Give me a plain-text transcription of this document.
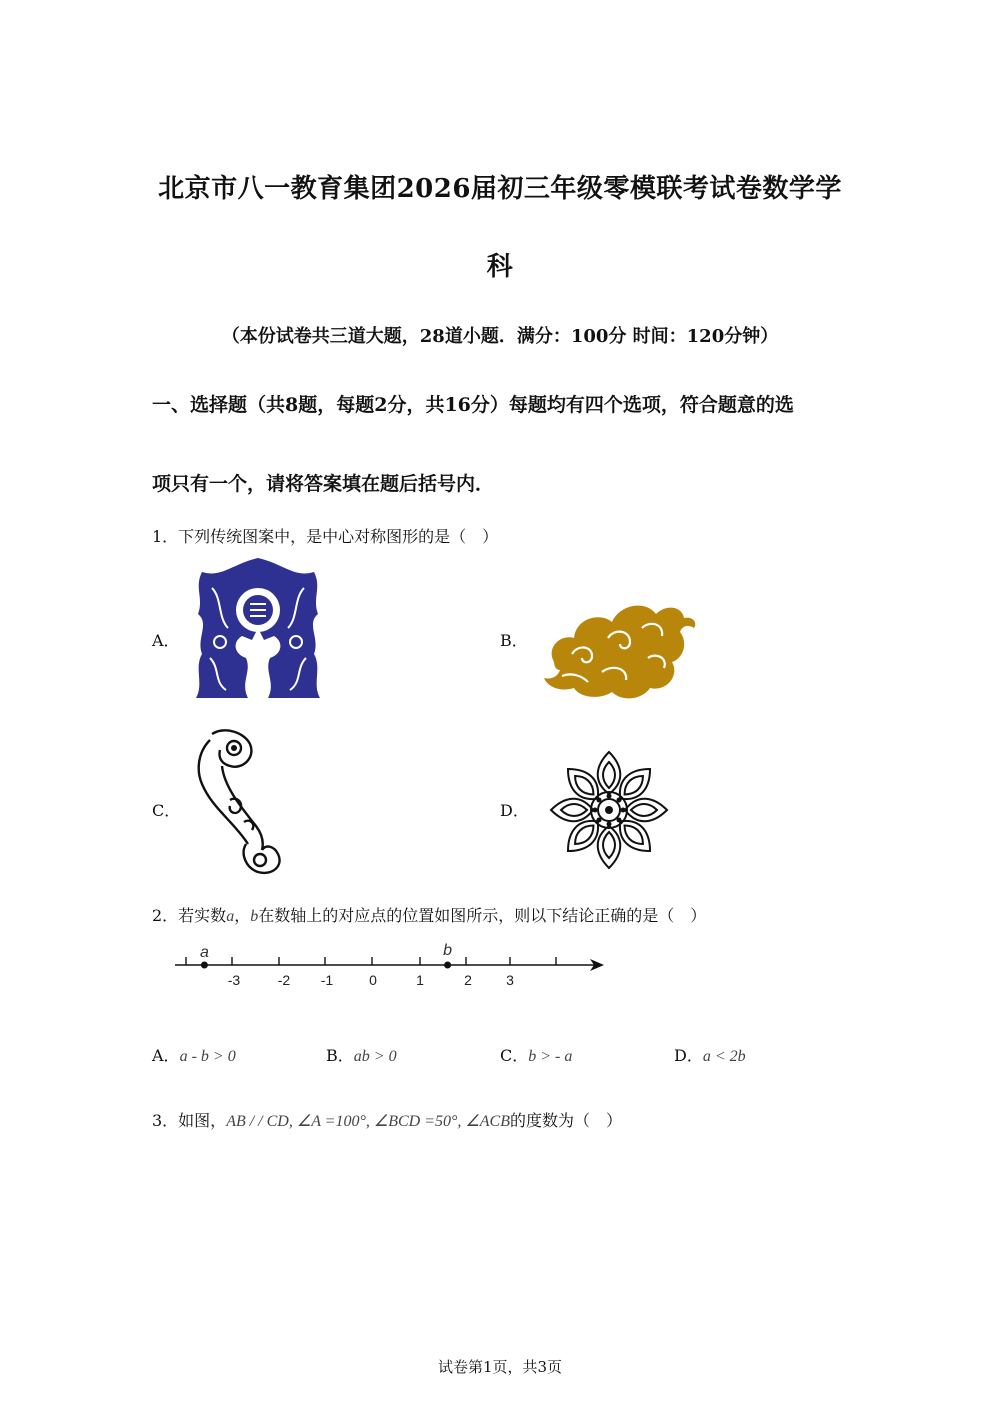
北京市八一教育集团2026届初三年级零模联考试卷数学学
科
（本份试卷共三道大题，28道小题．满分：100分 时间：120分钟）
一、选择题（共8题，每题2分，共16分）每题均有四个选项，符合题意的选
项只有一个，请将答案填在题后括号内．
1．下列传统图案中，是中心对称图形的是（　）
A．	B．
C．	D．
2．若实数a，b在数轴上的对应点的位置如图所示，则以下结论正确的是（　）
-3	-2 -1	0	1	2 3
a	b
A．a - b > 0	B．ab > 0	C．b > - a	D．a < 2b
3．如图，AB / / CD, ∠A =100°, ∠BCD =50°, ∠ACB的度数为（　）
试卷第1页，共3页
